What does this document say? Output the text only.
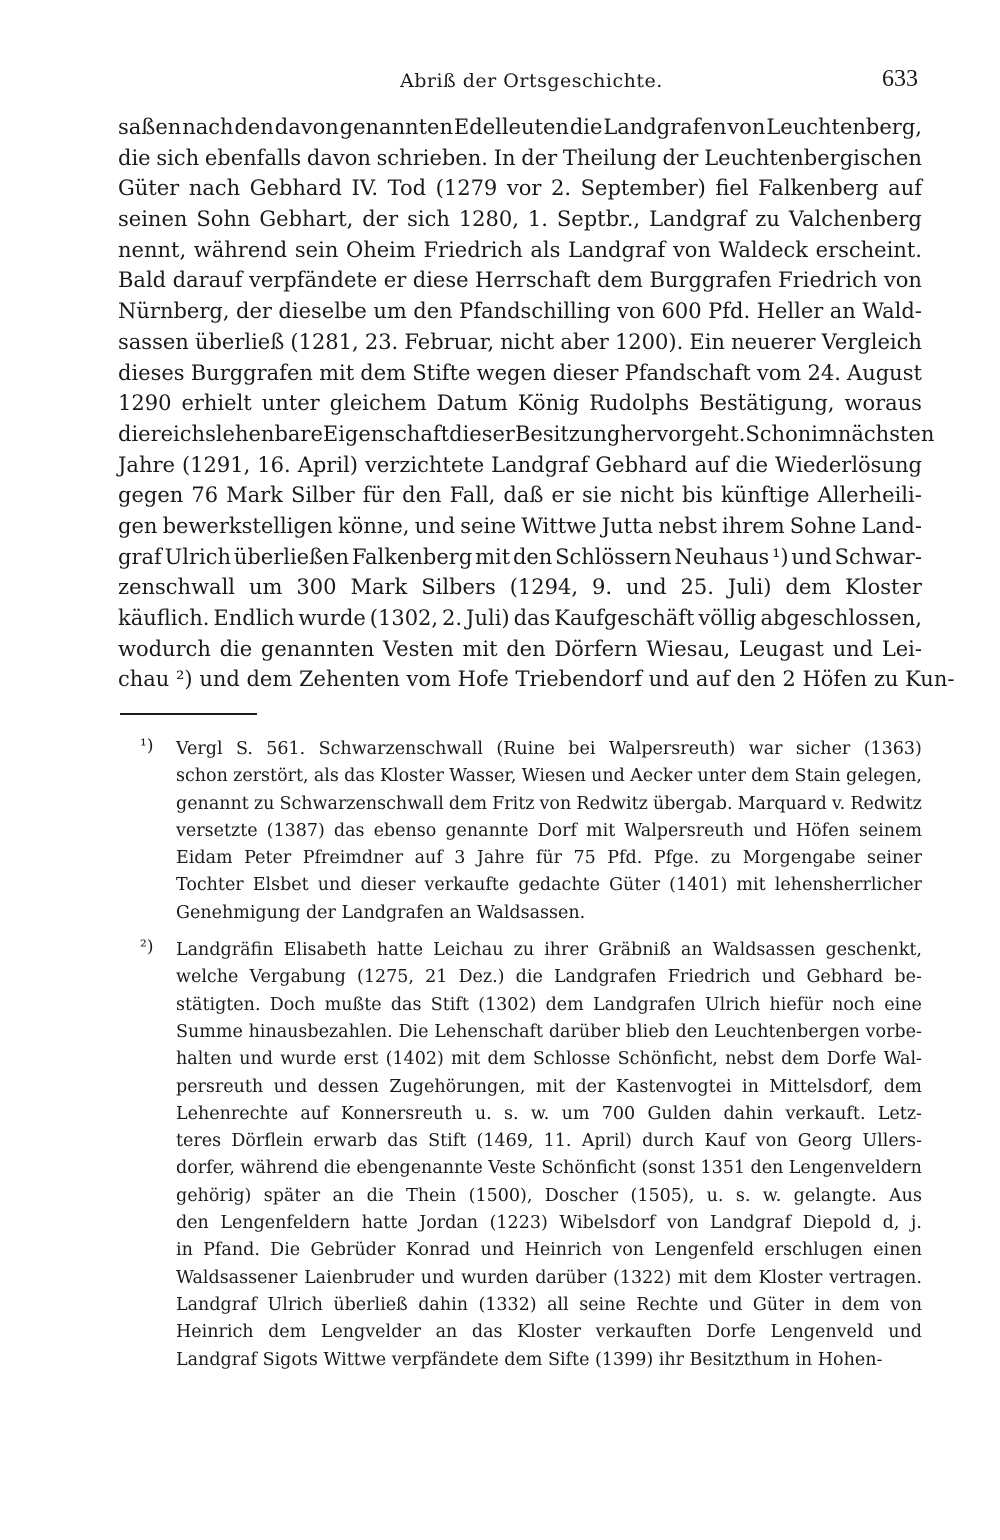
Abriß der Ortsgeschichte.	633
saßen nach den davon genannten Edelleuten die Landgrafen von Leuchtenberg,
die sich ebenfalls davon schrieben. In der Theilung der Leuchtenbergischen
Güter nach Gebhard IV. Tod (1279 vor 2. September) fiel Falkenberg auf
seinen Sohn Gebhart, der sich 1280, 1. Septbr., Landgraf zu Valchenberg
nennt, während sein Oheim Friedrich als Landgraf von Waldeck erscheint.
Bald darauf verpfändete er diese Herrschaft dem Burggrafen Friedrich von
Nürnberg, der dieselbe um den Pfandschilling von 600 Pfd. Heller an Wald-
sassen überließ (1281, 23. Februar, nicht aber 1200). Ein neuerer Vergleich
dieses Burggrafen mit dem Stifte wegen dieser Pfandschaft vom 24. August
1290 erhielt unter gleichem Datum König Rudolphs Bestätigung, woraus
die reichslehenbare Eigenschaft dieser Besitzung hervorgeht. Schon im nächsten
Jahre (1291, 16. April) verzichtete Landgraf Gebhard auf die Wiederlösung
gegen 76 Mark Silber für den Fall, daß er sie nicht bis künftige Allerheili-
gen bewerkstelligen könne, und seine Wittwe Jutta nebst ihrem Sohne Land-
graf Ulrich überließen Falkenberg mit den Schlössern Neuhaus ¹) und Schwar-
zenschwall um 300 Mark Silbers (1294, 9. und 25. Juli) dem Kloster
käuflich. Endlich wurde (1302, 2. Juli) das Kaufgeschäft völlig abgeschlossen,
wodurch die genannten Vesten mit den Dörfern Wiesau, Leugast und Lei-
chau ²) und dem Zehenten vom Hofe Triebendorf und auf den 2 Höfen zu Kun-
¹) Vergl S. 561. Schwarzenschwall (Ruine bei Walpersreuth) war sicher (1363)
schon zerstört, als das Kloster Wasser, Wiesen und Aecker unter dem Stain gelegen,
genannt zu Schwarzenschwall dem Fritz von Redwitz übergab. Marquard v. Redwitz
versetzte (1387) das ebenso genannte Dorf mit Walpersreuth und Höfen seinem
Eidam Peter Pfreimdner auf 3 Jahre für 75 Pfd. Pfge. zu Morgengabe seiner
Tochter Elsbet und dieser verkaufte gedachte Güter (1401) mit lehensherrlicher
Genehmigung der Landgrafen an Waldsassen.
²) Landgräfin Elisabeth hatte Leichau zu ihrer Gräbniß an Waldsassen geschenkt,
welche Vergabung (1275, 21 Dez.) die Landgrafen Friedrich und Gebhard be-
stätigten. Doch mußte das Stift (1302) dem Landgrafen Ulrich hiefür noch eine
Summe hinausbezahlen. Die Lehenschaft darüber blieb den Leuchtenbergen vorbe-
halten und wurde erst (1402) mit dem Schlosse Schönficht, nebst dem Dorfe Wal-
persreuth und dessen Zugehörungen, mit der Kastenvogtei in Mittelsdorf, dem
Lehenrechte auf Konnersreuth u. s. w. um 700 Gulden dahin verkauft. Letz-
teres Dörflein erwarb das Stift (1469, 11. April) durch Kauf von Georg Ullers-
dorfer, während die ebengenannte Veste Schönficht (sonst 1351 den Lengenveldern
gehörig) später an die Thein (1500), Doscher (1505), u. s. w. gelangte. Aus
den Lengenfeldern hatte Jordan (1223) Wibelsdorf von Landgraf Diepold d, j.
in Pfand. Die Gebrüder Konrad und Heinrich von Lengenfeld erschlugen einen
Waldsassener Laienbruder und wurden darüber (1322) mit dem Kloster vertragen.
Landgraf Ulrich überließ dahin (1332) all seine Rechte und Güter in dem von
Heinrich dem Lengvelder an das Kloster verkauften Dorfe Lengenveld und
Landgraf Sigots Wittwe verpfändete dem Sifte (1399) ihr Besitzthum in Hohen-
